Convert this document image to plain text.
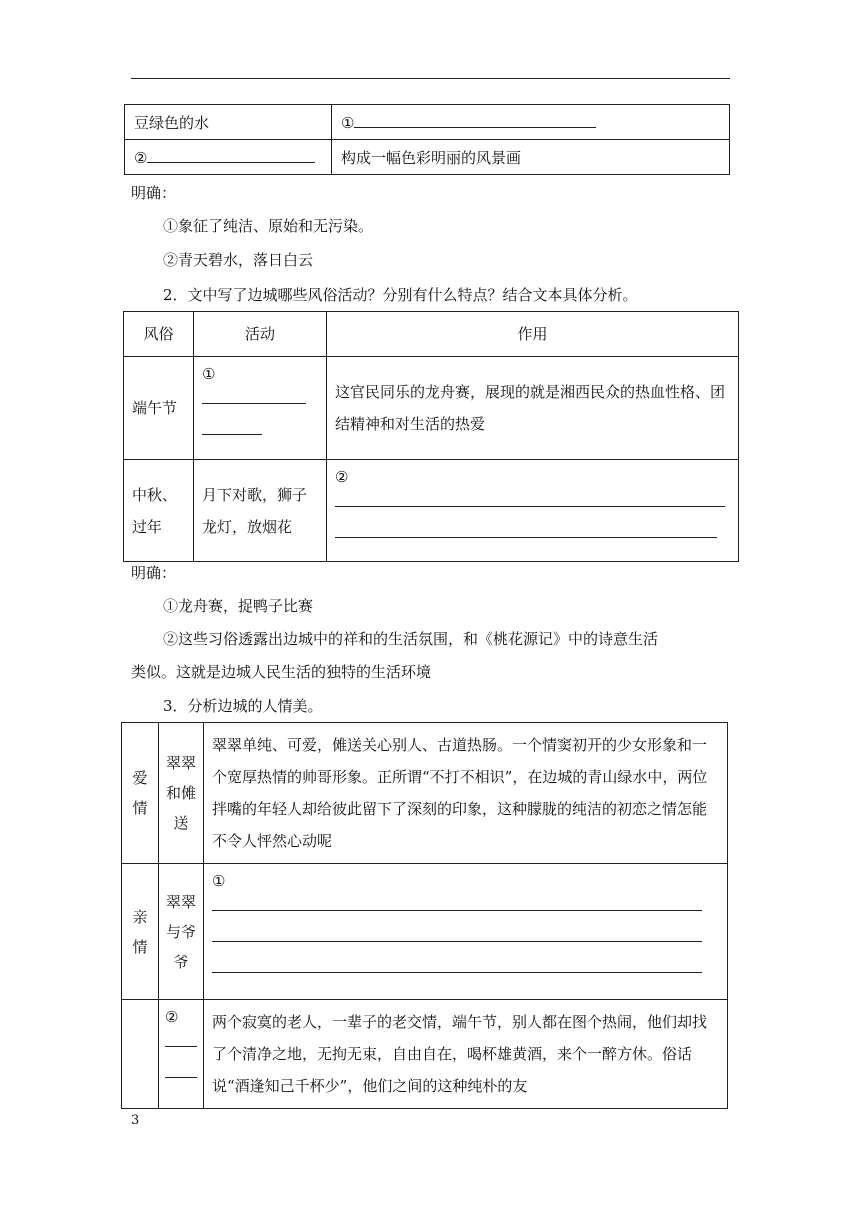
豆绿色的水	①
②	构成一幅色彩明丽的风景画
明确：
①象征了纯洁、原始和无污染。
②青天碧水，落日白云
2．文中写了边城哪些风俗活动？分别有什么特点？结合文本具体分析。
风俗	活动	作用
端午节	①	这官民同乐的龙舟赛，展现的就是湘西民众的热血性格、团结精神和对生活的热爱
中秋、过年	月下对歌，狮子龙灯，放烟花	②
明确：
①龙舟赛，捉鸭子比赛
②这些习俗透露出边城中的祥和的生活氛围，和《桃花源记》中的诗意生活
类似。这就是边城人民生活的独特的生活环境
3．分析边城的人情美。
爱情	翠翠和傩送	翠翠单纯、可爱，傩送关心别人、古道热肠。一个情窦初开的少女形象和一个宽厚热情的帅哥形象。正所谓“不打不相识”，在边城的青山绿水中，两位拌嘴的年轻人却给彼此留下了深刻的印象，这种朦胧的纯洁的初恋之情怎能不令人怦然心动呢

亲情	翠翠与爷爷	①

	②	两个寂寞的老人，一辈子的老交情，端午节，别人都在图个热闹，他们却找了个清净之地，无拘无束，自由自在，喝杯雄黄酒，来个一醉方休。俗话说“酒逢知己千杯少”，他们之间的这种纯朴的友
3
